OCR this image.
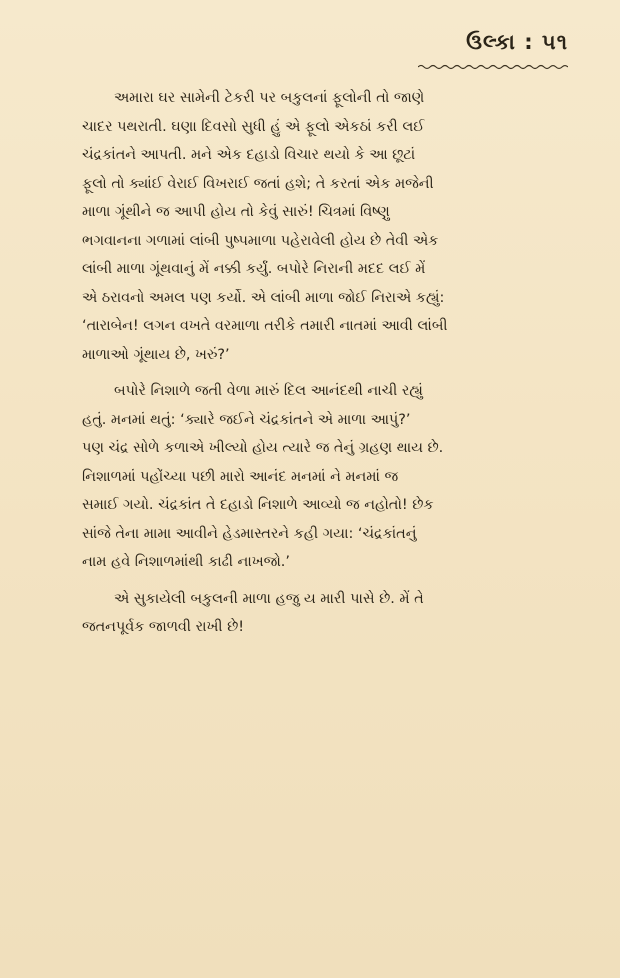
ઉલ્કા : ૫૧
અમારા ઘર સામેની ટેકરી પર બકુલનાં ફૂલોની તો જાણે
ચાદર પથરાતી. ઘણા દિવસો સુધી હું એ ફૂલો એકઠાં કરી લઈ
ચંદ્રકાંતને આપતી. મને એક દહાડો વિચાર થયો કે આ છૂટાં
ફૂલો તો ક્યાંઈ વેરાઈ વિખરાઈ જતાં હશે; તે કરતાં એક મજેની
માળા ગૂંથીને જ આપી હોય તો કેવું સારું! ચિત્રમાં વિષ્ણુ
ભગવાનના ગળામાં લાંબી પુષ્પમાળા પહેરાવેલી હોય છે તેવી એક
લાંબી માળા ગૂંથવાનું મેં નક્કી કર્યું. બપોરે નિરાની મદદ લઈ મેં
એ ઠરાવનો અમલ પણ કર્યો. એ લાંબી માળા જોઈ નિરાએ કહ્યું:
‘તારાબેન! લગન વખતે વરમાળા તરીકે તમારી નાતમાં આવી લાંબી
માળાઓ ગૂંથાય છે, ખરું?’
બપોરે નિશાળે જતી વેળા મારું દિલ આનંદથી નાચી રહ્યું
હતું. મનમાં થતું: ‘ક્યારે જઈને ચંદ્રકાંતને એ માળા આપું?’
પણ ચંદ્ર સોળે કળાએ ખીલ્યો હોય ત્યારે જ તેનું ગ્રહણ થાય છે.
નિશાળમાં પહોંચ્યા પછી મારો આનંદ મનમાં ને મનમાં જ
સમાઈ ગયો. ચંદ્રકાંત તે દહાડો નિશાળે આવ્યો જ નહોતો! છેક
સાંજે તેના મામા આવીને હેડમાસ્તરને કહી ગયા: ‘ચંદ્રકાંતનું
નામ હવે નિશાળમાંથી કાઢી નાખજો.’
એ સુકાયેલી બકુલની માળા હજુ ય મારી પાસે છે. મેં તે
જતનપૂર્વક જાળવી રાખી છે!
